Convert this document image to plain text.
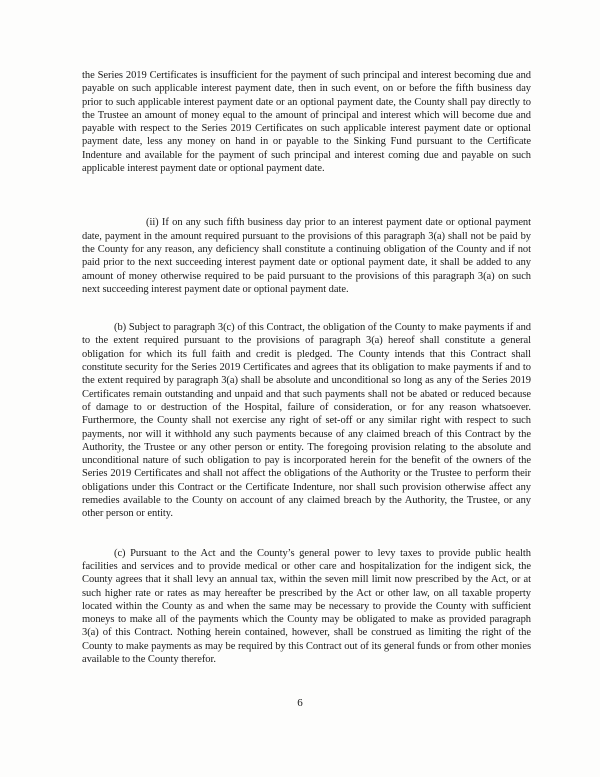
the Series 2019 Certificates is insufficient for the payment of such principal and interest becoming due and payable on such applicable interest payment date, then in such event, on or before the fifth business day prior to such applicable interest payment date or an optional payment date, the County shall pay directly to the Trustee an amount of money equal to the amount of principal and interest which will become due and payable with respect to the Series 2019 Certificates on such applicable interest payment date or optional payment date, less any money on hand in or payable to the Sinking Fund pursuant to the Certificate Indenture and available for the payment of such principal and interest coming due and payable on such applicable interest payment date or optional payment date.

(ii) If on any such fifth business day prior to an interest payment date or optional payment date, payment in the amount required pursuant to the provisions of this paragraph 3(a) shall not be paid by the County for any reason, any deficiency shall constitute a continuing obligation of the County and if not paid prior to the next succeeding interest payment date or optional payment date, it shall be added to any amount of money otherwise required to be paid pursuant to the provisions of this paragraph 3(a) on such next succeeding interest payment date or optional payment date.

(b) Subject to paragraph 3(c) of this Contract, the obligation of the County to make payments if and to the extent required pursuant to the provisions of paragraph 3(a) hereof shall constitute a general obligation for which its full faith and credit is pledged. The County intends that this Contract shall constitute security for the Series 2019 Certificates and agrees that its obligation to make payments if and to the extent required by paragraph 3(a) shall be absolute and unconditional so long as any of the Series 2019 Certificates remain outstanding and unpaid and that such payments shall not be abated or reduced because of damage to or destruction of the Hospital, failure of consideration, or for any reason whatsoever. Furthermore, the County shall not exercise any right of set-off or any similar right with respect to such payments, nor will it withhold any such payments because of any claimed breach of this Contract by the Authority, the Trustee or any other person or entity. The foregoing provision relating to the absolute and unconditional nature of such obligation to pay is incorporated herein for the benefit of the owners of the Series 2019 Certificates and shall not affect the obligations of the Authority or the Trustee to perform their obligations under this Contract or the Certificate Indenture, nor shall such provision otherwise affect any remedies available to the County on account of any claimed breach by the Authority, the Trustee, or any other person or entity.

(c) Pursuant to the Act and the County’s general power to levy taxes to provide public health facilities and services and to provide medical or other care and hospitalization for the indigent sick, the County agrees that it shall levy an annual tax, within the seven mill limit now prescribed by the Act, or at such higher rate or rates as may hereafter be prescribed by the Act or other law, on all taxable property located within the County as and when the same may be necessary to provide the County with sufficient moneys to make all of the payments which the County may be obligated to make as provided paragraph 3(a) of this Contract. Nothing herein contained, however, shall be construed as limiting the right of the County to make payments as may be required by this Contract out of its general funds or from other monies available to the County therefor.

6
